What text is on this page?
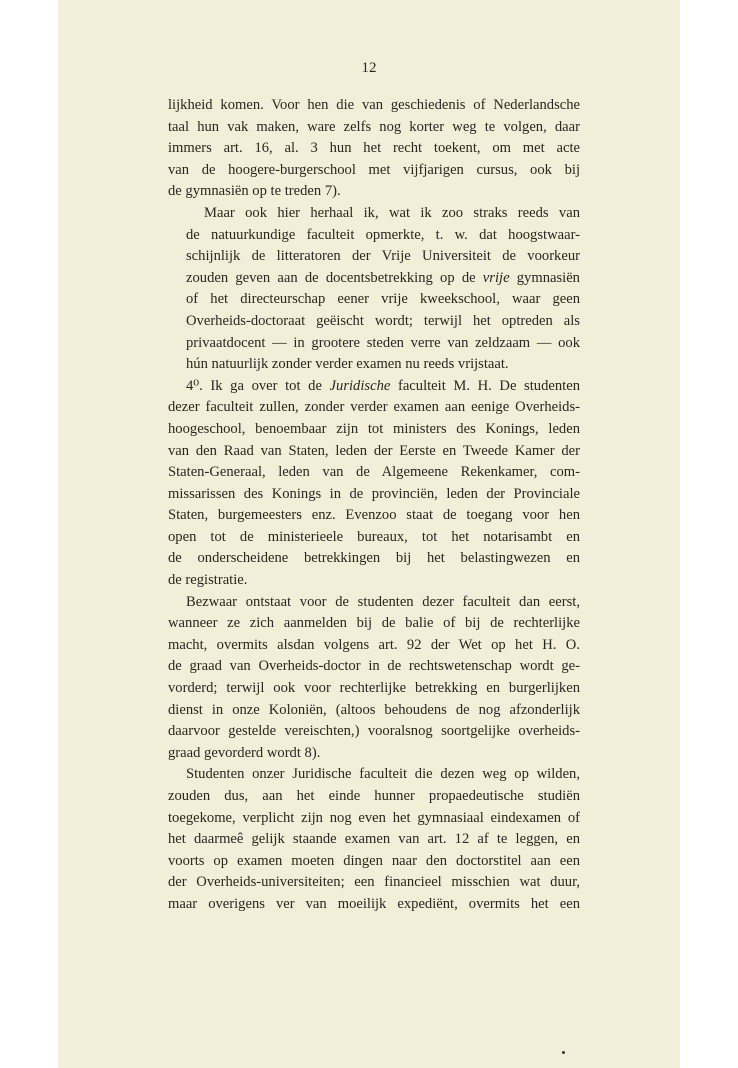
12
lijkheid komen. Voor hen die van geschiedenis of Nederlandsche
taal hun vak maken, ware zelfs nog korter weg te volgen, daar
immers art. 16, al. 3 hun het recht toekent, om met acte
van de hoogere-burgerschool met vijfjarigen cursus, ook bij
de gymnasiën op te treden 7).
Maar ook hier herhaal ik, wat ik zoo straks reeds van
de natuurkundige faculteit opmerkte, t. w. dat hoogstwaar-
schijnlijk de litteratoren der Vrije Universiteit de voorkeur
zouden geven aan de docentsbetrekking op de vrije gymnasiën
of het directeurschap eener vrije kweekschool, waar geen
Overheids-doctoraat geëischt wordt; terwijl het optreden als
privaatdocent — in grootere steden verre van zeldzaam — ook
hún natuurlijk zonder verder examen nu reeds vrijstaat.
4⁰. Ik ga over tot de Juridische faculteit M. H. De studenten
dezer faculteit zullen, zonder verder examen aan eenige Overheids-
hoogeschool, benoembaar zijn tot ministers des Konings, leden
van den Raad van Staten, leden der Eerste en Tweede Kamer der
Staten-Generaal, leden van de Algemeene Rekenkamer, com-
missarissen des Konings in de provinciën, leden der Provinciale
Staten, burgemeesters enz. Evenzoo staat de toegang voor hen
open tot de ministerieele bureaux, tot het notarisambt en
de onderscheidene betrekkingen bij het belastingwezen en
de registratie.
Bezwaar ontstaat voor de studenten dezer faculteit dan eerst,
wanneer ze zich aanmelden bij de balie of bij de rechterlijke
macht, overmits alsdan volgens art. 92 der Wet op het H. O.
de graad van Overheids-doctor in de rechtswetenschap wordt ge-
vorderd; terwijl ook voor rechterlijke betrekking en burgerlijken
dienst in onze Koloniën, (altoos behoudens de nog afzonderlijk
daarvoor gestelde vereischten,) vooralsnog soortgelijke overheids-
graad gevorderd wordt 8).
Studenten onzer Juridische faculteit die dezen weg op wilden,
zouden dus, aan het einde hunner propaedeutische studiën
toegekome, verplicht zijn nog even het gymnasiaal eindexamen of
het daarmeê gelijk staande examen van art. 12 af te leggen, en
voorts op examen moeten dingen naar den doctorstitel aan een
der Overheids-universiteiten; een financieel misschien wat duur,
maar overigens ver van moeilijk expediënt, overmits het een
